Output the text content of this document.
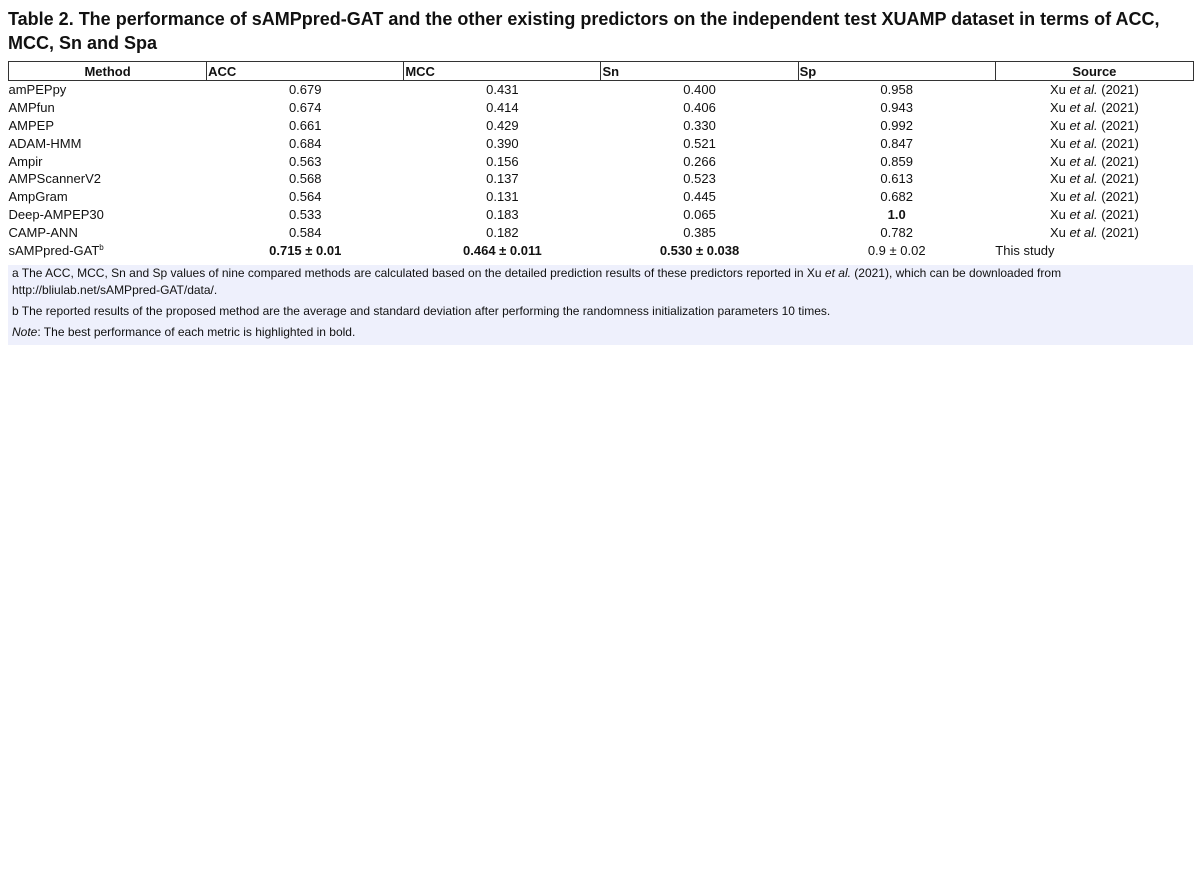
Table 2. The performance of sAMPpred-GAT and the other existing predictors on the independent test XUAMP dataset in terms of ACC, MCC, Sn and Spa
Method	ACC	MCC	Sn	Sp	Source
amPEPpy	0.679	0.431	0.400	0.958	Xu et al. (2021)
AMPfun	0.674	0.414	0.406	0.943	Xu et al. (2021)
AMPEP	0.661	0.429	0.330	0.992	Xu et al. (2021)
ADAM-HMM	0.684	0.390	0.521	0.847	Xu et al. (2021)
Ampir	0.563	0.156	0.266	0.859	Xu et al. (2021)
AMPScannerV2	0.568	0.137	0.523	0.613	Xu et al. (2021)
AmpGram	0.564	0.131	0.445	0.682	Xu et al. (2021)
Deep-AMPEP30	0.533	0.183	0.065	1.0	Xu et al. (2021)
CAMP-ANN	0.584	0.182	0.385	0.782	Xu et al. (2021)
sAMPpred-GAT$^b$	0.715 ± 0.01	0.464 ± 0.011	0.530 ± 0.038	0.9 ± 0.02	This study

a The ACC, MCC, Sn and Sp values of nine compared methods are calculated based on the detailed prediction results of these predictors reported in Xu et al. (2021), which can be downloaded from http://bliulab.net/sAMPpred-GAT/data/.

b The reported results of the proposed method are the average and standard deviation after performing the randomness initialization parameters 10 times.

Note: The best performance of each metric is highlighted in bold.
